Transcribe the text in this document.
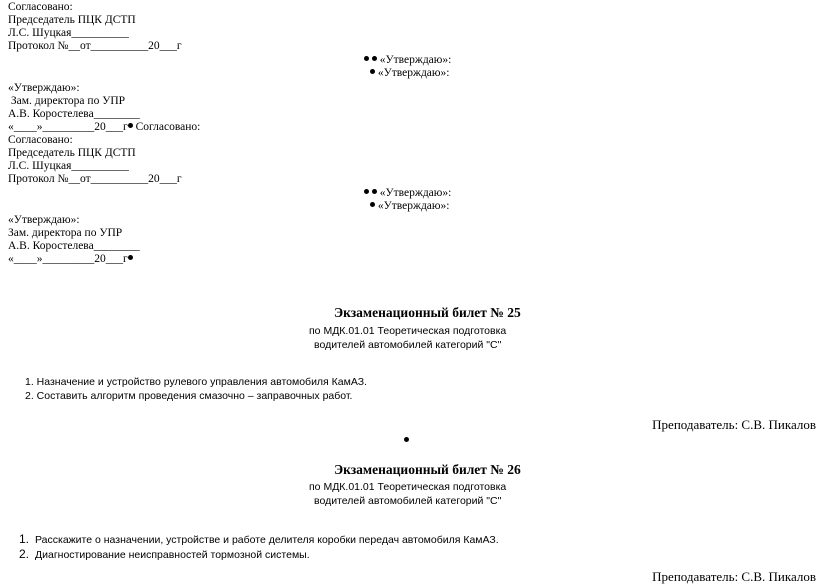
Согласовано:
Председатель ПЦК ДСТП
Л.С. Шуцкая__________
Протокол №__от__________20___г
«Утверждаю»:
«Утверждаю»:
«Утверждаю»:
Зам. директора по УПР
А.В. Коростелева________
«____»_________20___г Согласовано:
Согласовано:
Председатель ПЦК ДСТП
Л.С. Шуцкая__________
Протокол №__от__________20___г
«Утверждаю»:
«Утверждаю»:
«Утверждаю»:
Зам. директора по УПР
А.В. Коростелева________
«____»_________20___г
Экзаменационный билет № 25
по МДК.01.01 Теоретическая подготовка
водителей автомобилей категорий "С"
1. Назначение и устройство рулевого управления автомобиля КамАЗ.
2. Составить алгоритм проведения смазочно – заправочных работ.
Преподаватель: С.В. Пикалов
Экзаменационный билет № 26
по МДК.01.01 Теоретическая подготовка
водителей автомобилей категорий "С"
1. Расскажите о назначении, устройстве и работе делителя коробки передач автомобиля КамАЗ.
2. Диагностирование неисправностей тормозной системы.
Преподаватель: С.В. Пикалов
